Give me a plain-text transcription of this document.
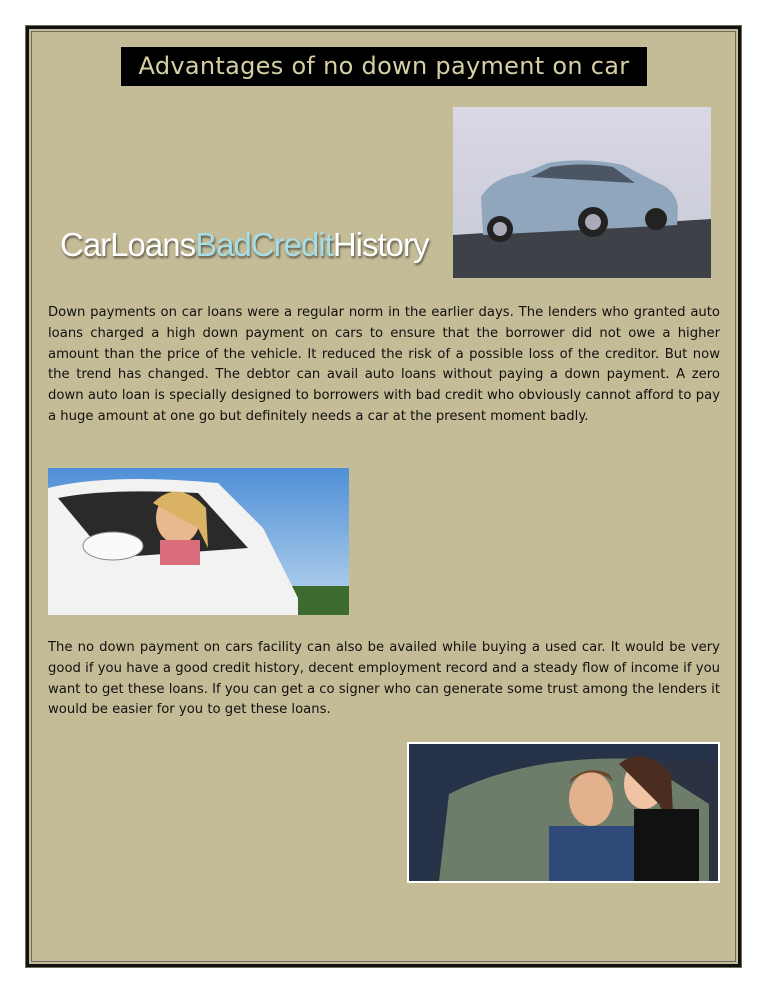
Advantages of no down payment on car
CarLoansBadCreditHistory
Down payments on car loans were a regular norm in the earlier days. The lenders who granted auto loans charged a high down payment on cars to ensure that the borrower did not owe a higher amount than the price of the vehicle. It reduced the risk of a possible loss of the creditor. But now the trend has changed. The debtor can avail auto loans without paying a down payment. A zero down auto loan is specially designed to borrowers with bad credit who obviously cannot afford to pay a huge amount at one go but definitely needs a car at the present moment badly.
The no down payment on cars facility can also be availed while buying a used car. It would be very good if you have a good credit history, decent employment record and a steady flow of income if you want to get these loans. If you can get a co signer who can generate some trust among the lenders it would be easier for you to get these loans.
